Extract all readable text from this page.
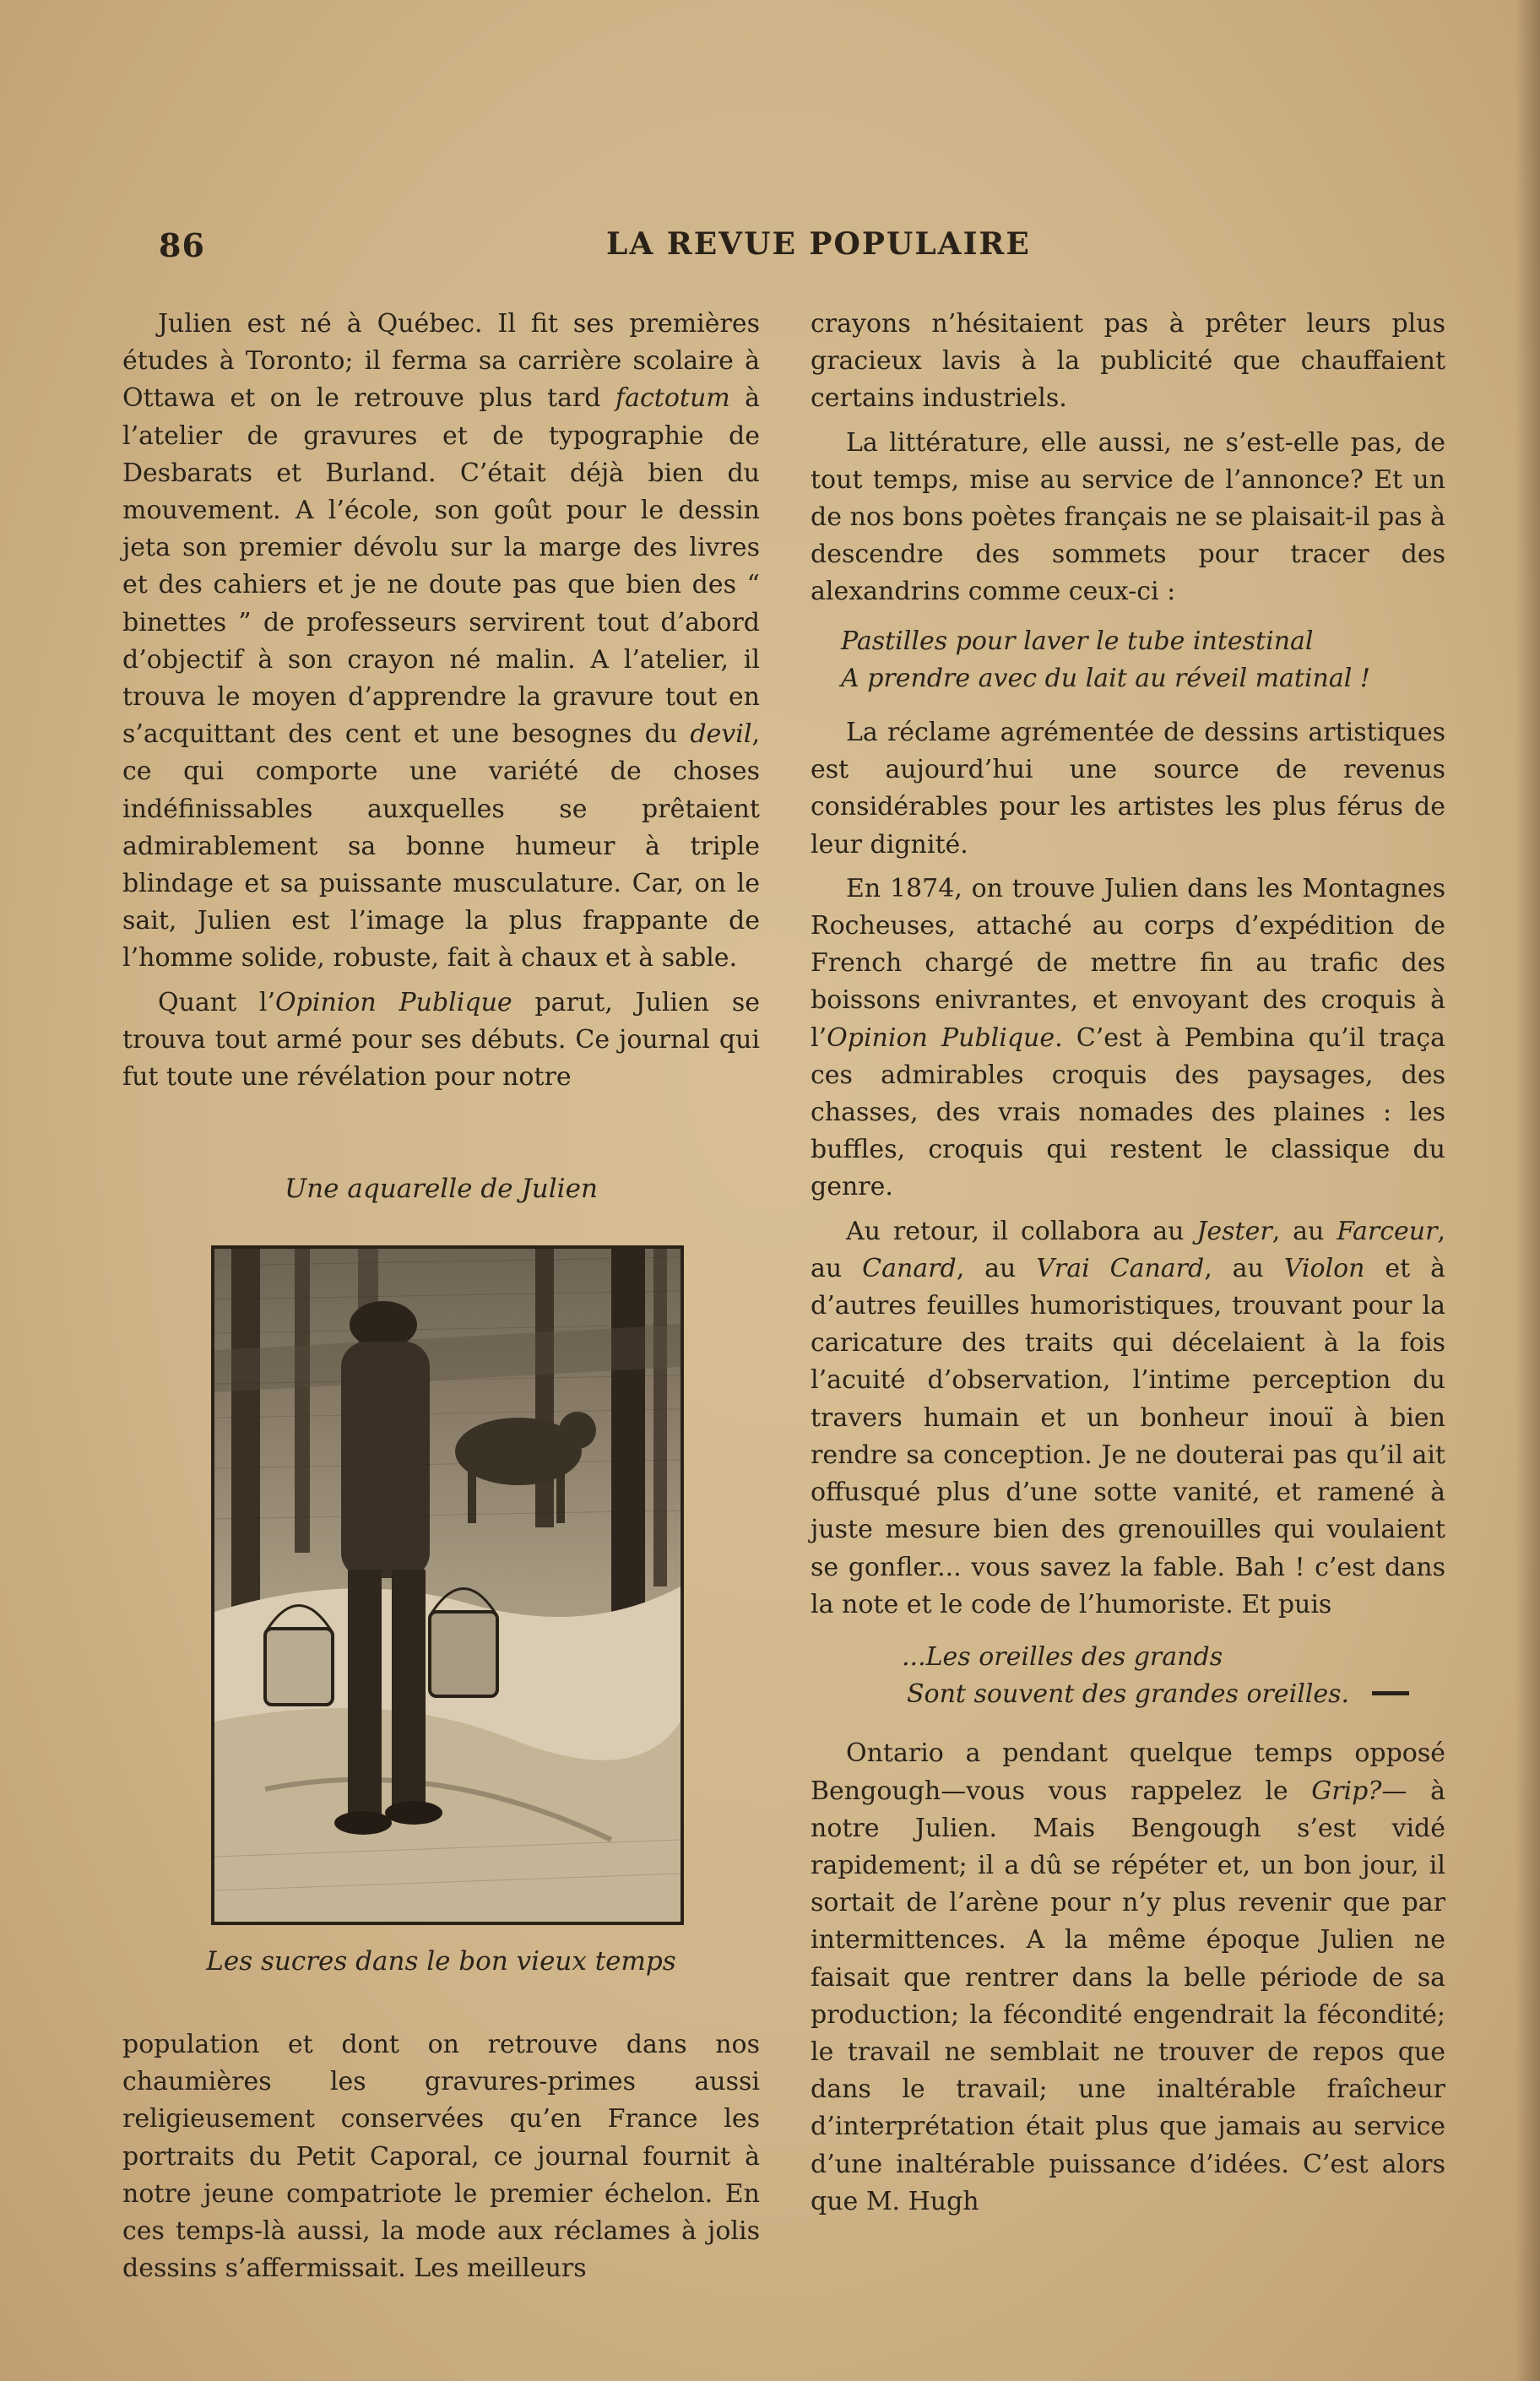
86	LA REVUE POPULAIRE

Julien est né à Québec. Il fit ses premières études à Toronto; il ferma sa carrière scolaire à Ottawa et on le retrouve plus tard factotum à l’atelier de gravures et de typographie de Desbarats et Burland. C’était déjà bien du mouvement. A l’école, son goût pour le dessin jeta son premier dévolu sur la marge des livres et des cahiers et je ne doute pas que bien des “ binettes ” de professeurs servirent tout d’abord d’objectif à son crayon né malin. A l’atelier, il trouva le moyen d’apprendre la gravure tout en s’acquittant des cent et une besognes du devil, ce qui comporte une variété de choses indéfinissables auxquelles se prêtaient admirablement sa bonne humeur à triple blindage et sa puissante musculature. Car, on le sait, Julien est l’image la plus frappante de l’homme solide, robuste, fait à chaux et à sable.

Quant l’Opinion Publique parut, Julien se trouva tout armé pour ses débuts. Ce journal qui fut toute une révélation pour notre

Une aquarelle de Julien
Les sucres dans le bon vieux temps

population et dont on retrouve dans nos chaumières les gravures-primes aussi religieusement conservées qu’en France les portraits du Petit Caporal, ce journal fournit à notre jeune compatriote le premier échelon. En ces temps-là aussi, la mode aux réclames à jolis dessins s’affermissait. Les meilleurs

crayons n’hésitaient pas à prêter leurs plus gracieux lavis à la publicité que chauffaient certains industriels.

La littérature, elle aussi, ne s’est-elle pas, de tout temps, mise au service de l’annonce? Et un de nos bons poètes français ne se plaisait-il pas à descendre des sommets pour tracer des alexandrins comme ceux-ci :

Pastilles pour laver le tube intestinal
A prendre avec du lait au réveil matinal !

La réclame agrémentée de dessins artistiques est aujourd’hui une source de revenus considérables pour les artistes les plus férus de leur dignité.

En 1874, on trouve Julien dans les Montagnes Rocheuses, attaché au corps d’expédition de French chargé de mettre fin au trafic des boissons enivrantes, et envoyant des croquis à l’Opinion Publique. C’est à Pembina qu’il traça ces admirables croquis des paysages, des chasses, des vrais nomades des plaines : les buffles, croquis qui restent le classique du genre.

Au retour, il collabora au Jester, au Farceur, au Canard, au Vrai Canard, au Violon et à d’autres feuilles humoristiques, trouvant pour la caricature des traits qui décelaient à la fois l’acuité d’observation, l’intime perception du travers humain et un bonheur inouï à bien rendre sa conception. Je ne douterai pas qu’il ait offusqué plus d’une sotte vanité, et ramené à juste mesure bien des grenouilles qui voulaient se gonfler... vous savez la fable. Bah ! c’est dans la note et le code de l’humoriste. Et puis

...Les oreilles des grands
Sont souvent des grandes oreilles.

Ontario a pendant quelque temps opposé Bengough—vous vous rappelez le Grip?— à notre Julien. Mais Bengough s’est vidé rapidement; il a dû se répéter et, un bon jour, il sortait de l’arène pour n’y plus revenir que par intermittences. A la même époque Julien ne faisait que rentrer dans la belle période de sa production; la fécondité engendrait la fécondité; le travail ne semblait ne trouver de repos que dans le travail; une inaltérable fraîcheur d’interprétation était plus que jamais au service d’une inaltérable puissance d’idées. C’est alors que M. Hugh
